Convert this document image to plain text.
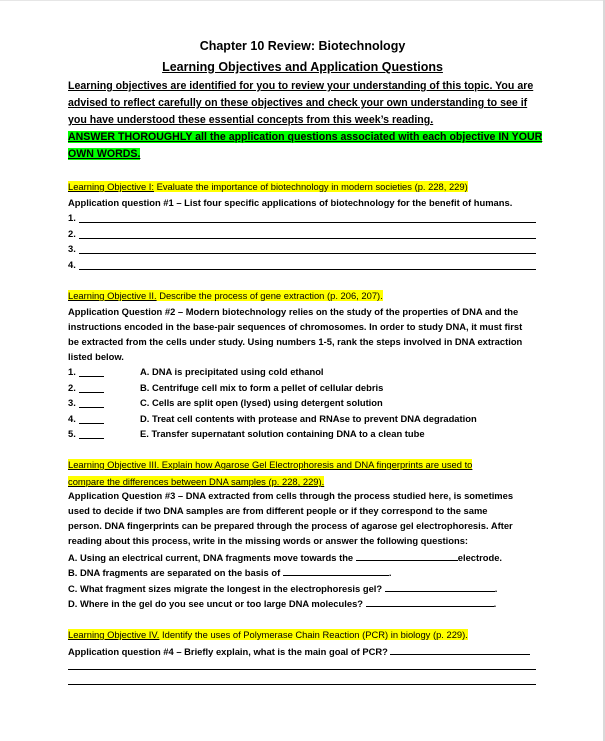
Chapter 10 Review: Biotechnology
Learning Objectives and Application Questions
Learning objectives are identified for you to review your understanding of this topic. You are
advised to reflect carefully on these objectives and check your own understanding to see if
you have understood these essential concepts from this week’s reading.
ANSWER THOROUGHLY all the application questions associated with each objective IN YOUR
OWN WORDS.
Learning Objective I: Evaluate the importance of biotechnology in modern societies (p. 228, 229)
Application question #1 – List four specific applications of biotechnology for the benefit of humans.
1.
2.
3.
4.
Learning Objective II. Describe the process of gene extraction (p. 206, 207).
Application Question #2 – Modern biotechnology relies on the study of the properties of DNA and the
instructions encoded in the base-pair sequences of chromosomes. In order to study DNA, it must first
be extracted from the cells under study. Using numbers 1-5, rank the steps involved in DNA extraction
listed below.
1.	A. DNA is precipitated using cold ethanol
2.	B. Centrifuge cell mix to form a pellet of cellular debris
3.	C. Cells are split open (lysed) using detergent solution
4.	D. Treat cell contents with protease and RNAse to prevent DNA degradation
5.	E. Transfer supernatant solution containing DNA to a clean tube
Learning Objective III. Explain how Agarose Gel Electrophoresis and DNA fingerprints are used to
compare the differences between DNA samples (p. 228, 229).
Application Question #3 – DNA extracted from cells through the process studied here, is sometimes
used to decide if two DNA samples are from different people or if they correspond to the same
person. DNA fingerprints can be prepared through the process of agarose gel electrophoresis. After
reading about this process, write in the missing words or answer the following questions:
A. Using an electrical current, DNA fragments move towards the	electrode.
B. DNA fragments are separated on the basis of	.
C. What fragment sizes migrate the longest in the electrophoresis gel?	.
D. Where in the gel do you see uncut or too large DNA molecules?	.
Learning Objective IV. Identify the uses of Polymerase Chain Reaction (PCR) in biology (p. 229).
Application question #4 – Briefly explain, what is the main goal of PCR?
